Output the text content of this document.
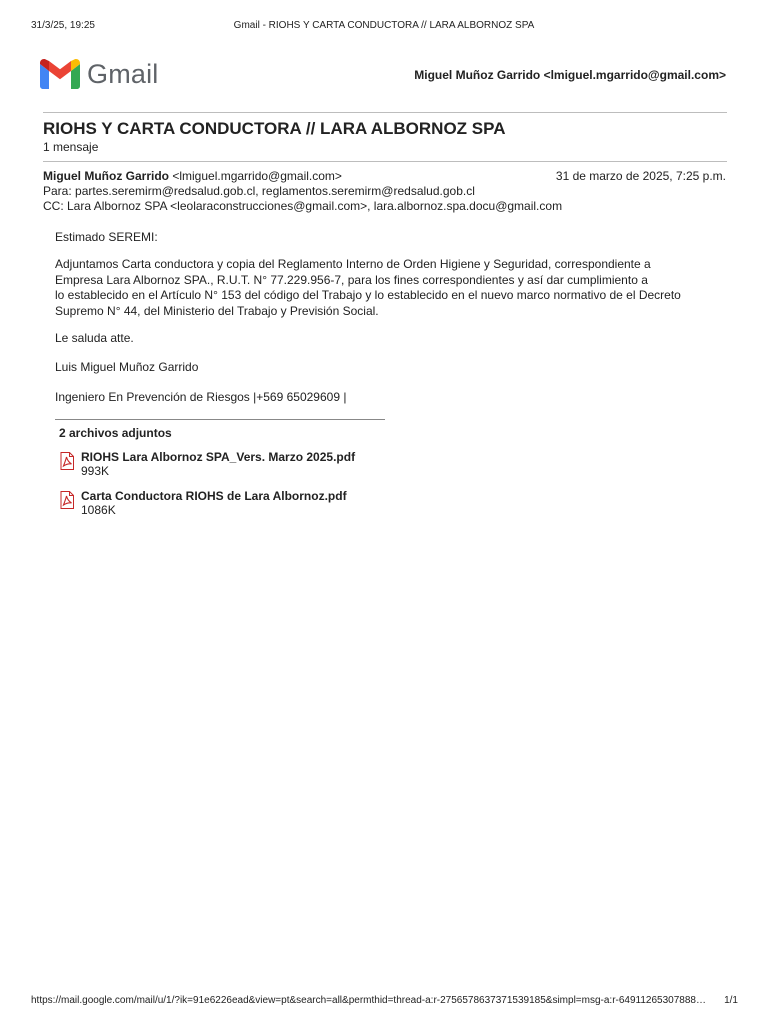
31/3/25, 19:25	Gmail - RIOHS Y CARTA CONDUCTORA // LARA ALBORNOZ SPA
Gmail	Miguel Muñoz Garrido <lmiguel.mgarrido@gmail.com>
RIOHS Y CARTA CONDUCTORA // LARA ALBORNOZ SPA
1 mensaje
Miguel Muñoz Garrido <lmiguel.mgarrido@gmail.com>	31 de marzo de 2025, 7:25 p.m.
Para: partes.seremirm@redsalud.gob.cl, reglamentos.seremirm@redsalud.gob.cl
CC: Lara Albornoz SPA <leolaraconstrucciones@gmail.com>, lara.albornoz.spa.docu@gmail.com
Estimado SEREMI:
Adjuntamos Carta conductora y copia del Reglamento Interno de Orden Higiene y Seguridad, correspondiente a
Empresa Lara Albornoz SPA., R.U.T. N° 77.229.956-7, para los fines correspondientes y así dar cumplimiento a
lo establecido en el Artículo N° 153 del código del Trabajo y lo establecido en el nuevo marco normativo de el Decreto
Supremo N° 44, del Ministerio del Trabajo y Previsión Social.
Le saluda atte.
Luis Miguel Muñoz Garrido
Ingeniero En Prevención de Riesgos |+569 65029609 |
2 archivos adjuntos
RIOHS Lara Albornoz SPA_Vers. Marzo 2025.pdf
993K
Carta Conductora RIOHS de Lara Albornoz.pdf
1086K
https://mail.google.com/mail/u/1/?ik=91e6226ead&view=pt&search=all&permthid=thread-a:r-2756578637371539185&simpl=msg-a:r-64911265307888…	1/1
